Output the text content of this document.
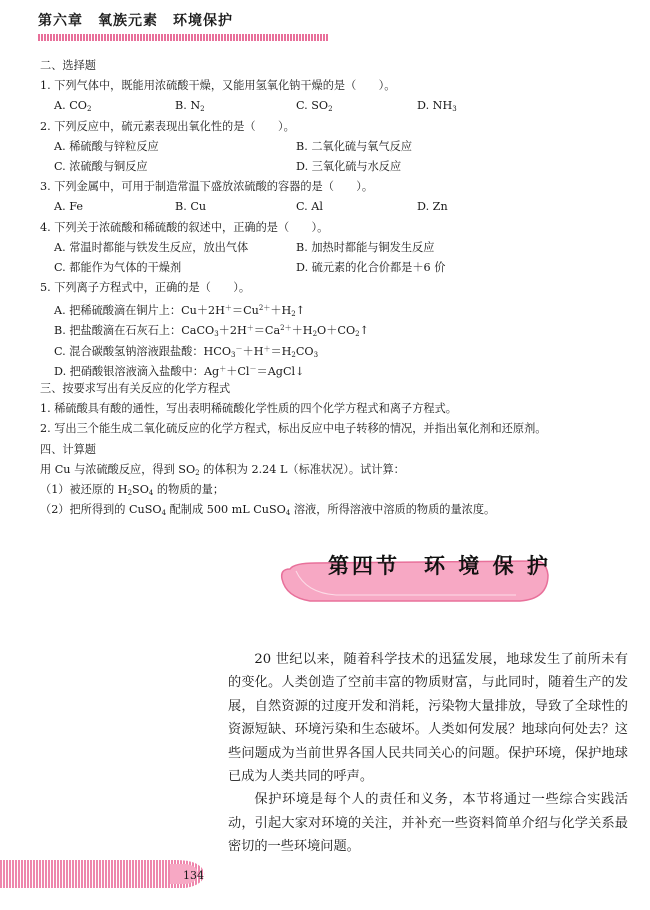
第六章　氧族元素　环境保护
二、选择题
1. 下列气体中，既能用浓硫酸干燥，又能用氢氧化钠干燥的是（　　）。
A. $CO_2$	B. $N_2$	C. $SO_2$	D. $NH_3$
2. 下列反应中，硫元素表现出氧化性的是（　　）。
A. 稀硫酸与锌粒反应	B. 二氧化硫与氧气反应
C. 浓硫酸与铜反应	D. 三氧化硫与水反应
3. 下列金属中，可用于制造常温下盛放浓硫酸的容器的是（　　）。
A. Fe	B. Cu	C. Al	D. Zn
4. 下列关于浓硫酸和稀硫酸的叙述中，正确的是（　　）。
A. 常温时都能与铁发生反应，放出气体	B. 加热时都能与铜发生反应
C. 都能作为气体的干燥剂	D. 硫元素的化合价都是＋6 价
5. 下列离子方程式中，正确的是（　　）。
A. 把稀硫酸滴在铜片上：$Cu+2H^+=Cu^{2+}+H_2↑$
B. 把盐酸滴在石灰石上：$CaCO_3+2H^+=Ca^{2+}+H_2O+CO_2↑$
C. 混合碳酸氢钠溶液跟盐酸：$HCO_3^-+H^+=H_2CO_3$
D. 把硝酸银溶液滴入盐酸中：Ag＋＋Cl－＝AgCl↓
三、按要求写出有关反应的化学方程式
1. 稀硫酸具有酸的通性，写出表明稀硫酸化学性质的四个化学方程式和离子方程式。
2. 写出三个能生成二氧化硫反应的化学方程式，标出反应中电子转移的情况，并指出氧化剂和还原剂。
四、计算题
用 Cu 与浓硫酸反应，得到 $SO_2$ 的体积为 2.24 L（标准状况）。试计算：
（1）被还原的 $H_2SO_4$ 的物质的量；
（2）把所得到的 CuSO$_4$ 配制成 500 mL CuSO$_4$ 溶液，所得溶液中溶质的物质的量浓度。
第四节　环 境 保 护

20 世纪以来，随着科学技术的迅猛发展，地球发生了前所未有的变化。人类创造了空前丰富的物质财富，与此同时，随着生产的发展，自然资源的过度开发和消耗，污染物大量排放，导致了全球性的资源短缺、环境污染和生态破坏。人类如何发展？地球向何处去？这些问题成为当前世界各国人民共同关心的问题。保护环境，保护地球已成为人类共同的呼声。

保护环境是每个人的责任和义务，本节将通过一些综合实践活动，引起大家对环境的关注，并补充一些资料简单介绍与化学关系最密切的一些环境问题。

134
